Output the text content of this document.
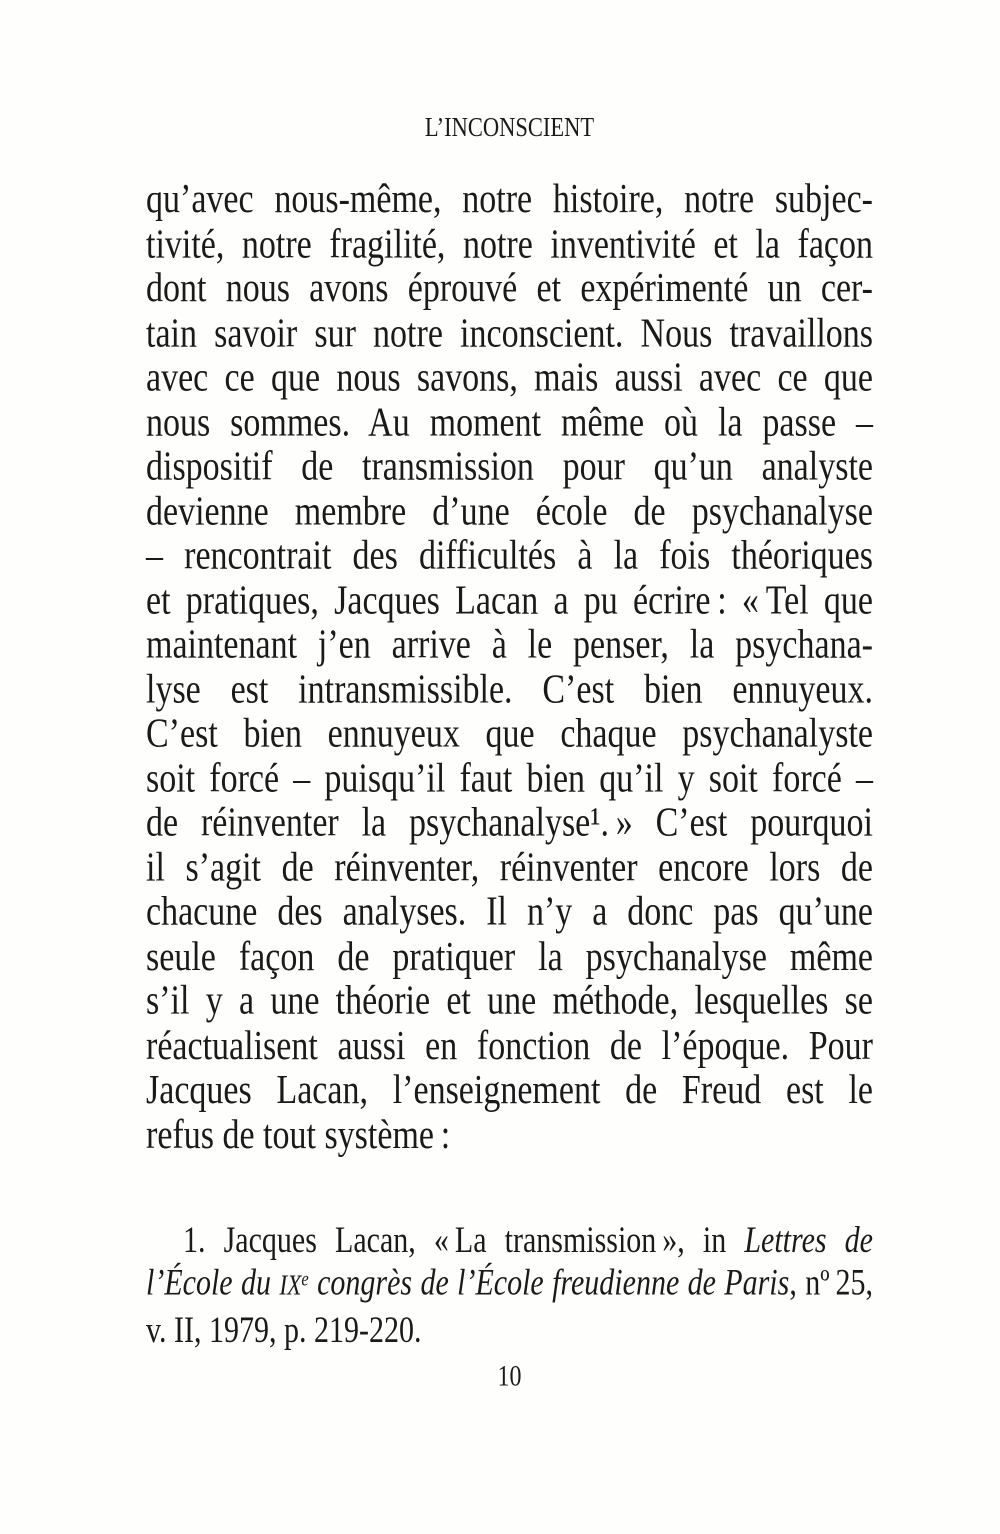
L’INCONSCIENT
qu’avec nous-même, notre histoire, notre subjec-
tivité, notre fragilité, notre inventivité et la façon
dont nous avons éprouvé et expérimenté un cer-
tain savoir sur notre inconscient. Nous travaillons
avec ce que nous savons, mais aussi avec ce que
nous sommes. Au moment même où la passe –
dispositif de transmission pour qu’un analyste
devienne membre d’une école de psychanalyse
– rencontrait des difficultés à la fois théoriques
et pratiques, Jacques Lacan a pu écrire : « Tel que
maintenant j’en arrive à le penser, la psychana-
lyse est intransmissible. C’est bien ennuyeux.
C’est bien ennuyeux que chaque psychanalyste
soit forcé – puisqu’il faut bien qu’il y soit forcé –
de réinventer la psychanalyse¹. » C’est pourquoi
il s’agit de réinventer, réinventer encore lors de
chacune des analyses. Il n’y a donc pas qu’une
seule façon de pratiquer la psychanalyse même
s’il y a une théorie et une méthode, lesquelles se
réactualisent aussi en fonction de l’époque. Pour
Jacques Lacan, l’enseignement de Freud est le
refus de tout système :
1. Jacques Lacan, « La transmission », in Lettres de
l’École du IXe congrès de l’École freudienne de Paris, nº 25,
v. II, 1979, p. 219-220.
10
